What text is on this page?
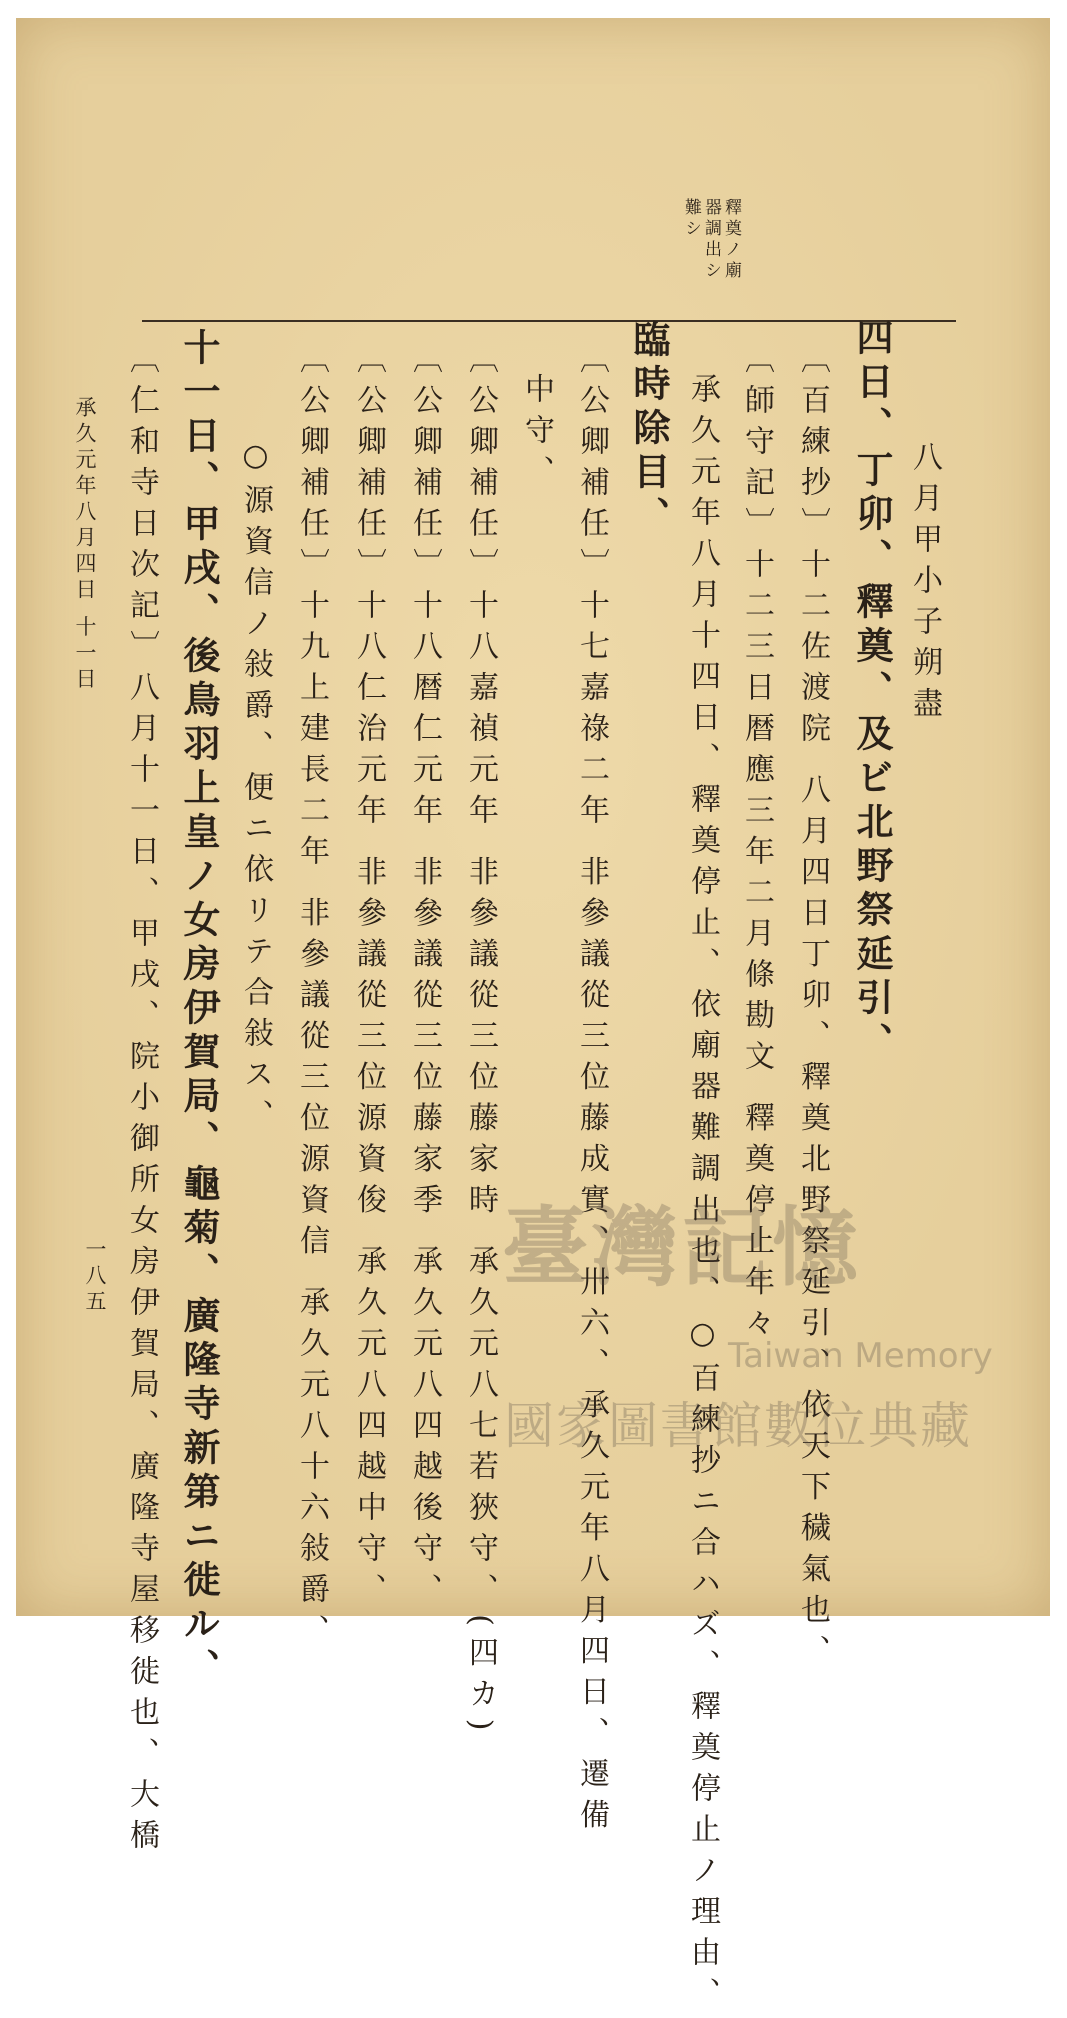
釋奠ノ廟
器調出シ
難シ
八月甲小子朔盡
四日、丁卯、釋奠、及ビ北野祭延引、
〔百練抄〕十二佐渡院 八月四日丁卯、釋奠北野祭延引、依天下穢氣也、
〔師守記〕十二三日暦應三年二月條勘文 釋奠停止年々
承久元年八月十四日、釋奠停止、依廟器難調出也、○百練抄ニ合ハズ、釋奠停止ノ理由、
臨時除目、
〔公卿補任〕十七嘉祿二年 非參議從三位藤成實、卅六、承久元年八月四日、遷備
中守、
〔公卿補任〕十八嘉禎元年 非參議從三位藤家時 承久元八七若狹守、(四カ)
〔公卿補任〕十八暦仁元年 非參議從三位藤家季 承久元八四越後守、
〔公卿補任〕十八仁治元年 非參議從三位源資俊 承久元八四越中守、
〔公卿補任〕十九上建長二年 非參議從三位源資信 承久元八十六敍爵、
○源資信ノ敍爵、便ニ依リテ合敍ス、
十一日、甲戌、後鳥羽上皇ノ女房伊賀局、龜菊、廣隆寺新第ニ徙ル、
〔仁和寺日次記〕八月十一日、甲戌、院小御所女房伊賀局、廣隆寺屋移徙也、大橋
承久元年八月四日 十一日
一八五	臺灣記憶
Taiwan Memory
國家圖書館數位典藏
